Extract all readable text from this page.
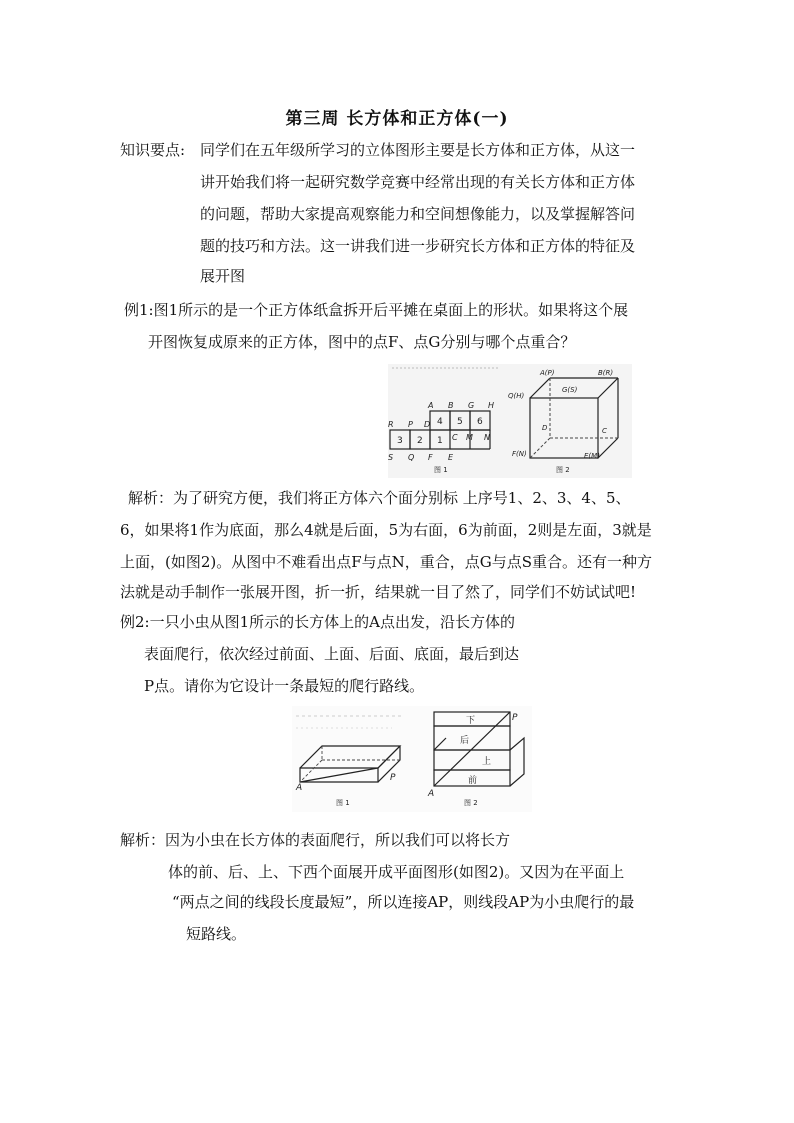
第三周 长方体和正方体(一)
知识要点: 同学们在五年级所学习的立体图形主要是长方体和正方体，从这一
讲开始我们将一起研究数学竞赛中经常出现的有关长方体和正方体
的问题，帮助大家提高观察能力和空间想像能力，以及掌握解答问
题的技巧和方法。这一讲我们进一步研究长方体和正方体的特征及
展开图
例1:图1所示的是一个正方体纸盒拆开后平摊在桌面上的形状。如果将这个展
开图恢复成原来的正方体，图中的点F、点G分别与哪个点重合？
A B G H
R P D
S Q F E
C M N
4 5 6
3 2 1
图 1
A(P)	B(R)
G(S)
Q(H)
D	C
F(N)	E(M)
图 2
解析：为了研究方便，我们将正方体六个面分别标 上序号1、2、3、4、5、
6，如果将1作为底面，那么4就是后面，5为右面，6为前面，2则是左面，3就是
上面，(如图2)。从图中不难看出点F与点N，重合，点G与点S重合。还有一种方
法就是动手制作一张展开图，折一折，结果就一目了然了，同学们不妨试试吧!
例2:一只小虫从图1所示的长方体上的A点出发，沿长方体的
表面爬行，依次经过前面、上面、后面、底面，最后到达
P点。请你为它设计一条最短的爬行路线。
A
P
图 1
下
后
上
前
A
P
图 2
解析：因为小虫在长方体的表面爬行，所以我们可以将长方
体的前、后、上、下西个面展开成平面图形(如图2)。又因为在平面上
“两点之间的线段长度最短”，所以连接AP，则线段AP为小虫爬行的最
短路线。
